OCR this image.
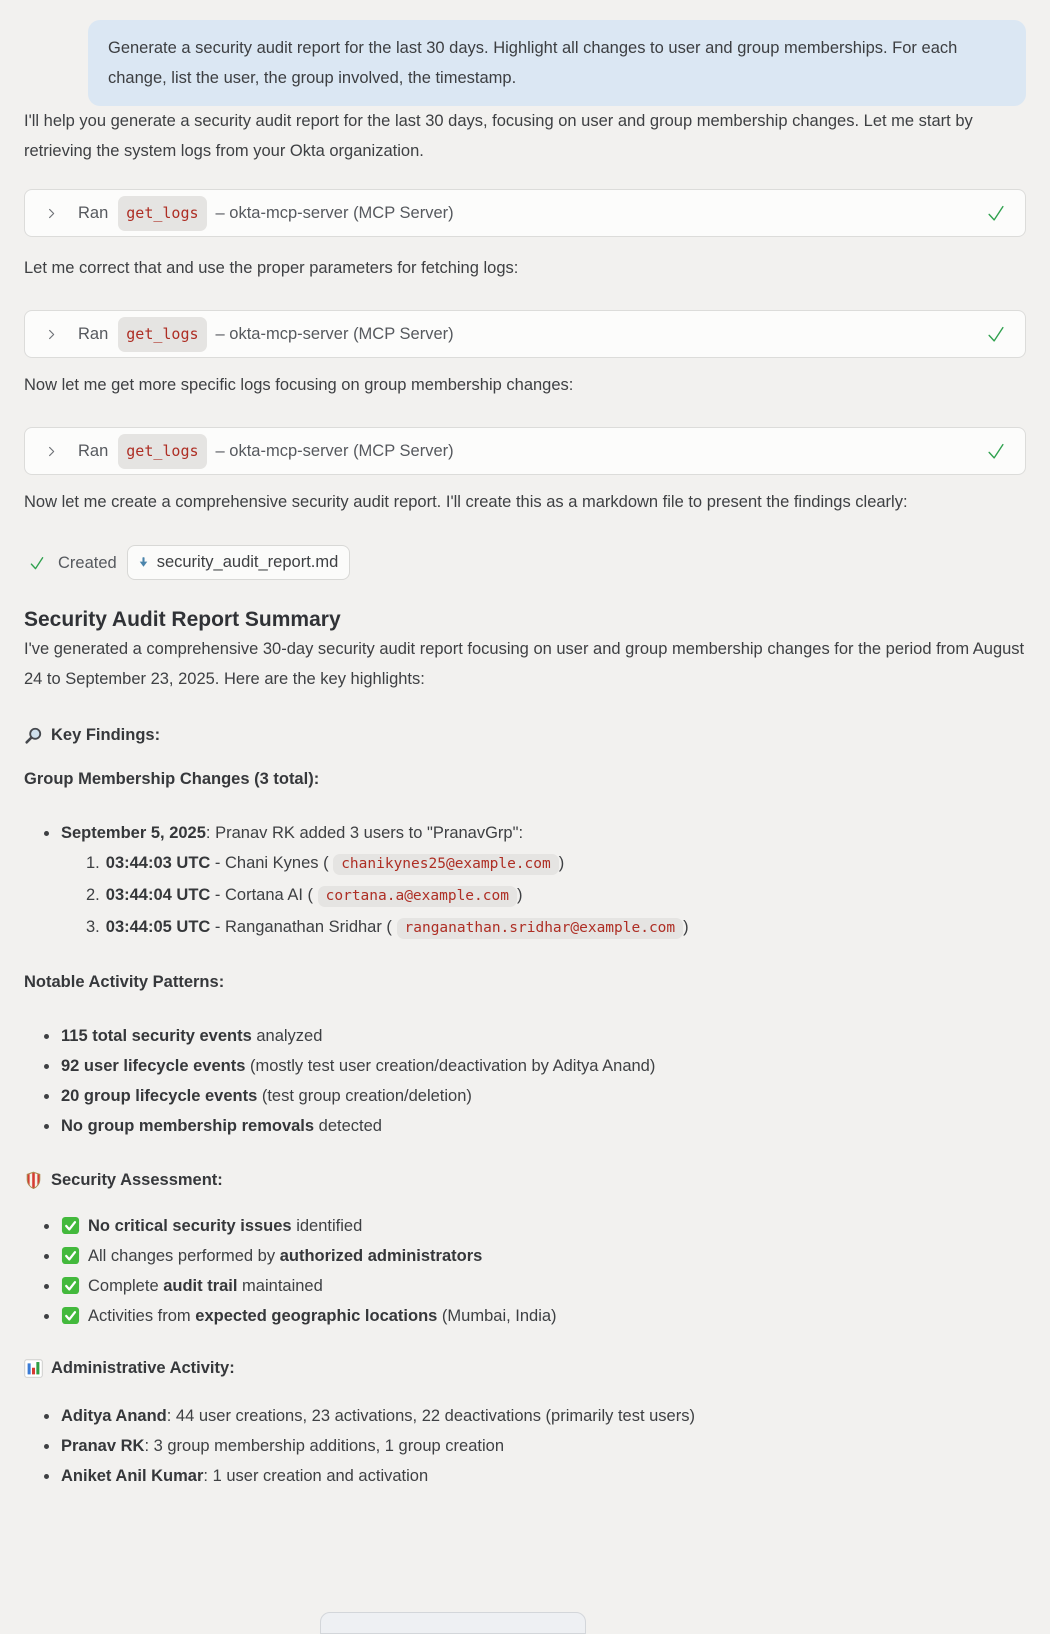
Generate a security audit report for the last 30 days. Highlight all changes to user and group memberships. For each change, list the user, the group involved, the timestamp.

I'll help you generate a security audit report for the last 30 days, focusing on user and group membership changes. Let me start by retrieving the system logs from your Okta organization.

Ran	get_logs	– okta-mcp-server (MCP Server)

Let me correct that and use the proper parameters for fetching logs:

Ran	get_logs	– okta-mcp-server (MCP Server)

Now let me get more specific logs focusing on group membership changes:

Ran	get_logs	– okta-mcp-server (MCP Server)

Now let me create a comprehensive security audit report. I'll create this as a markdown file to present the findings clearly:

Created security_audit_report.md
Security Audit Report Summary

I've generated a comprehensive 30-day security audit report focusing on user and group membership changes for the period from August 24 to September 23, 2025. Here are the key highlights:

Key Findings:
Group Membership Changes (3 total):
September 5, 2025: Pranav RK added 3 users to "PranavGrp":
1. 03:44:03 UTC - Chani Kynes ( chanikynes25@example.com )
2. 03:44:04 UTC - Cortana AI ( cortana.a@example.com )
3. 03:44:05 UTC - Ranganathan Sridhar ( ranganathan.sridhar@example.com )
Notable Activity Patterns:
115 total security events analyzed
92 user lifecycle events (mostly test user creation/deactivation by Aditya Anand)
20 group lifecycle events (test group creation/deletion)
No group membership removals detected
Security Assessment:
No critical security issues identified
All changes performed by authorized administrators
Complete audit trail maintained
Activities from expected geographic locations (Mumbai, India)
Administrative Activity:
Aditya Anand: 44 user creations, 23 activations, 22 deactivations (primarily test users)
Pranav RK: 3 group membership additions, 1 group creation
Aniket Anil Kumar: 1 user creation and activation
